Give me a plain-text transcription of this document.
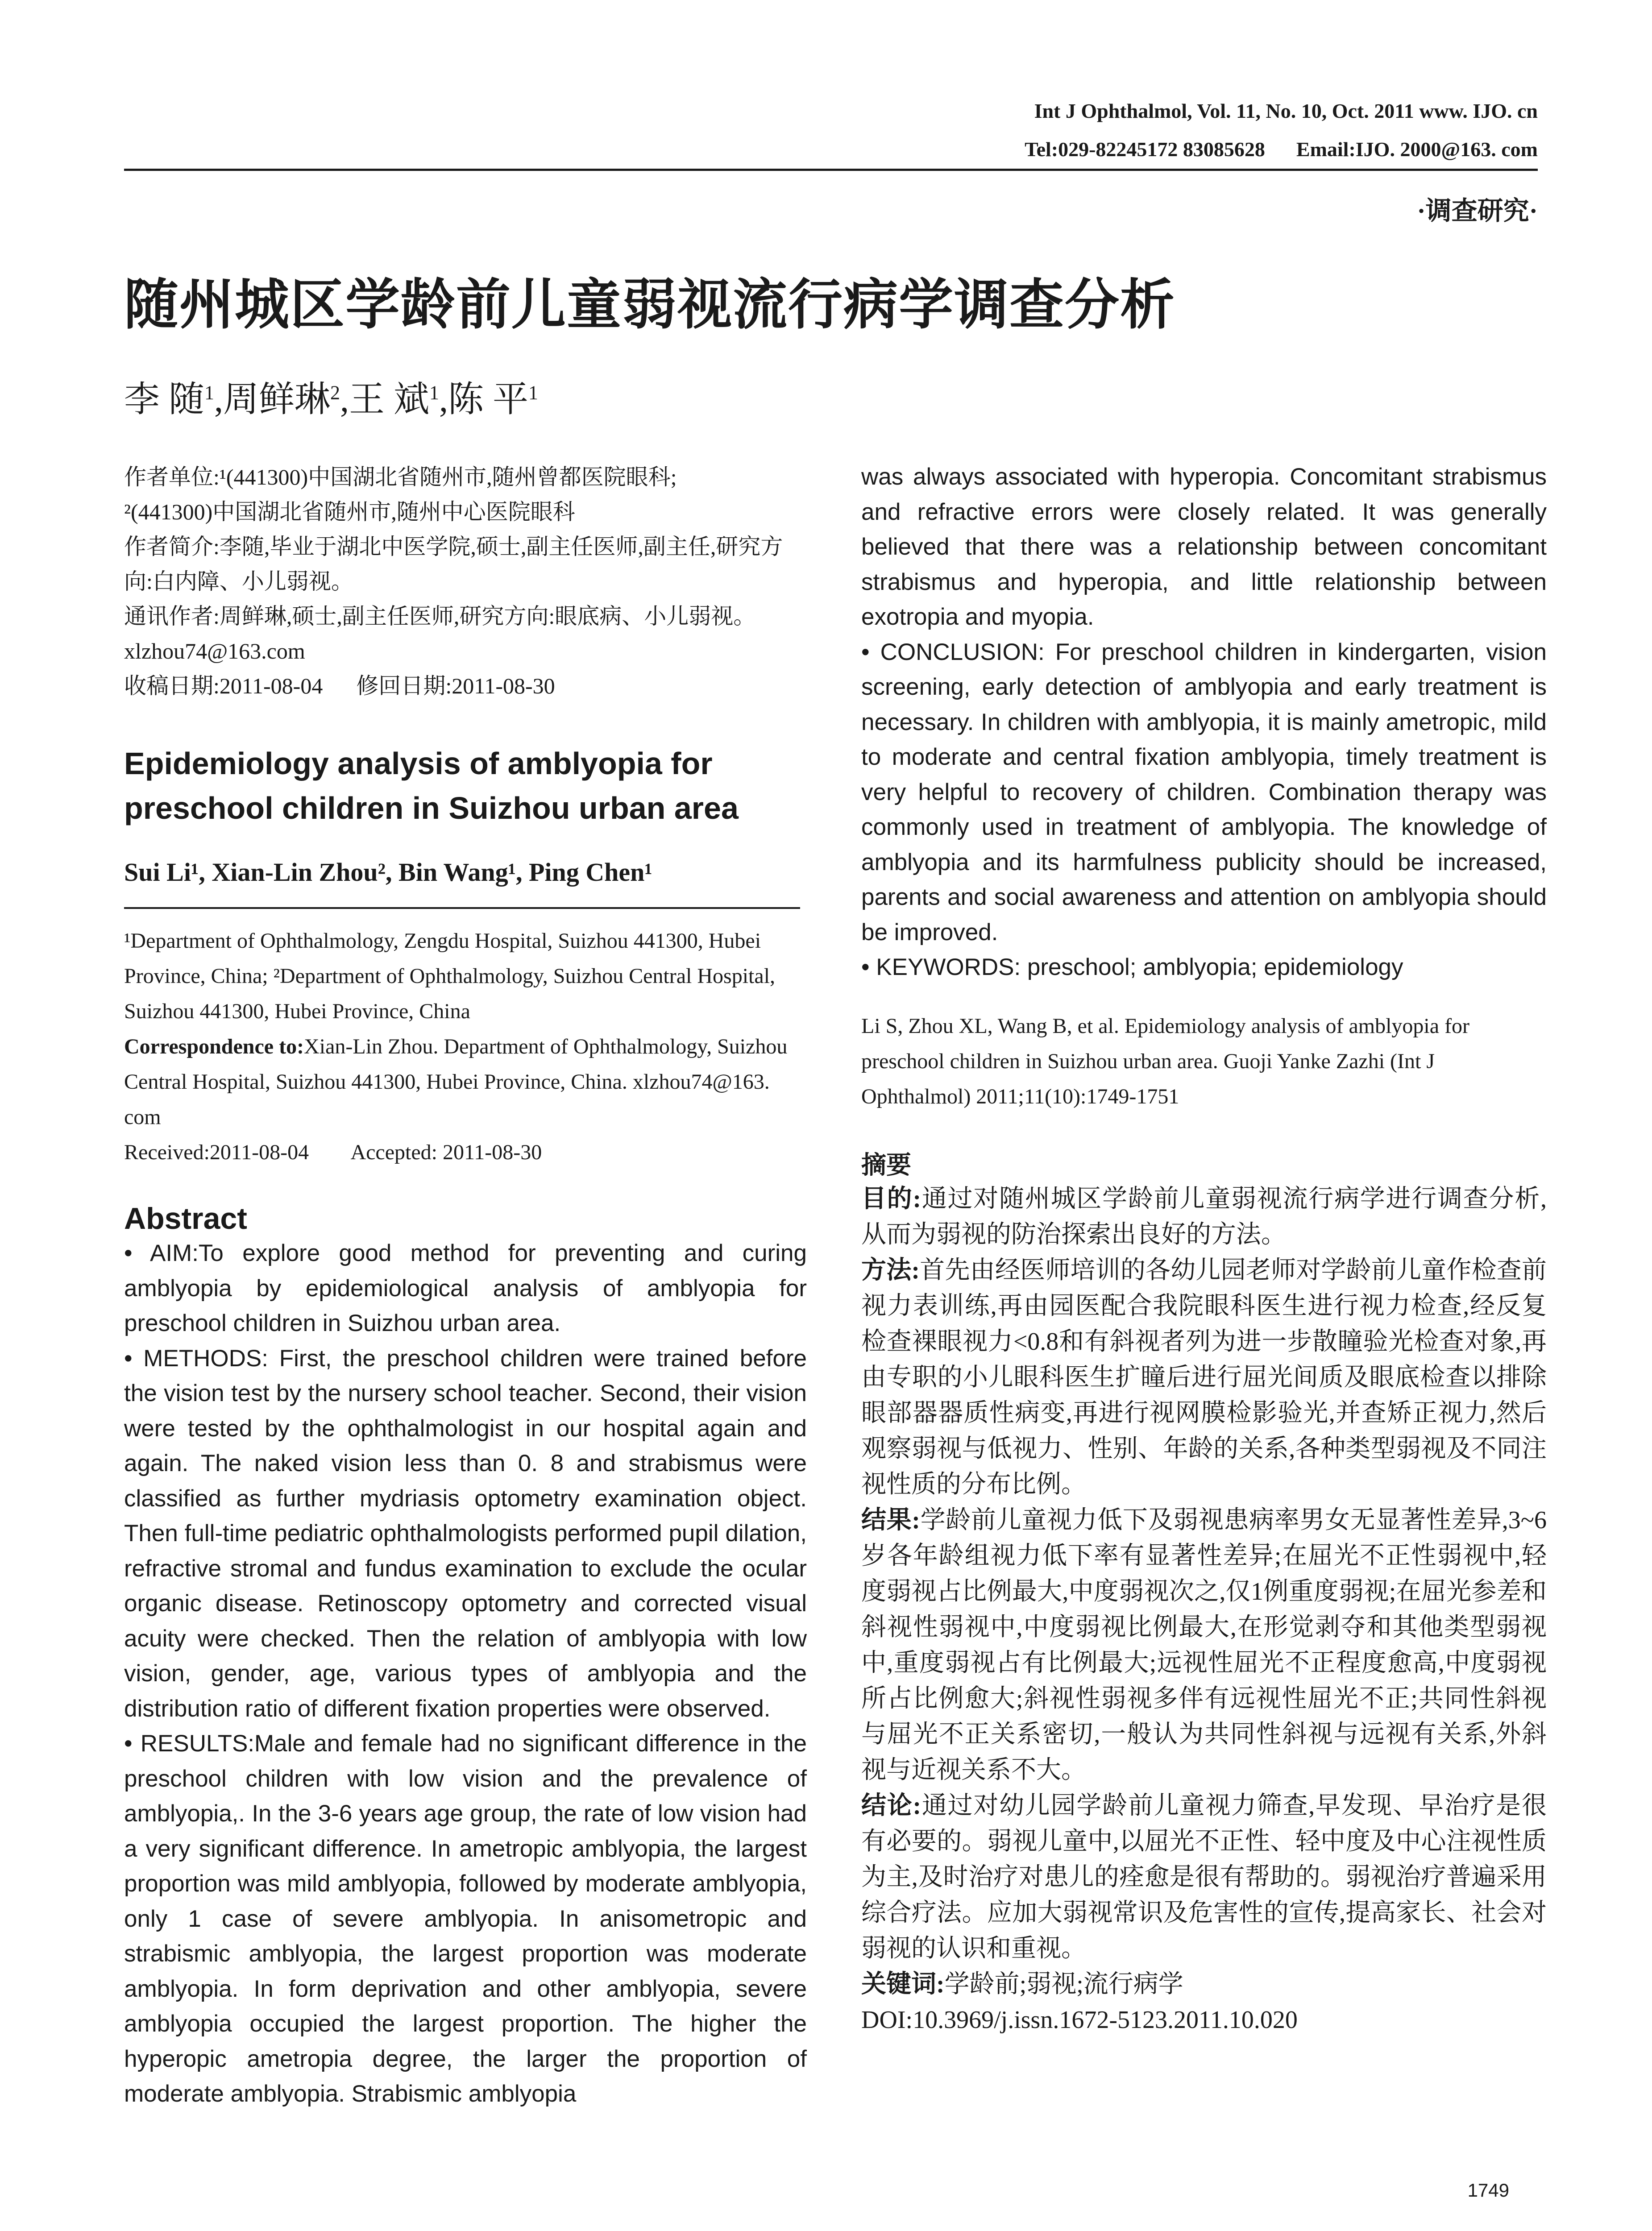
Int J Ophthalmol, Vol. 11, No. 10, Oct. 2011 www. IJO. cn
Tel:029-82245172 83085628 Email:IJO. 2000@163. com
·调查研究·
随州城区学龄前儿童弱视流行病学调查分析
李 随$^1$,周鲜琳$^2$,王 斌$^1$,陈 平$^1$

作者单位:¹(441300)中国湖北省随州市,随州曾都医院眼科;

²(441300)中国湖北省随州市,随州中心医院眼科

作者简介:李随,毕业于湖北中医学院,硕士,副主任医师,副主任,研究方向:白内障、小儿弱视。

通讯作者:周鲜琳,硕士,副主任医师,研究方向:眼底病、小儿弱视。xlzhou74@163.com

收稿日期:2011-08-04      修回日期:2011-08-30

Epidemiology analysis of amblyopia for preschool children in Suizhou urban area
Sui Li¹, Xian-Lin Zhou², Bin Wang¹, Ping Chen¹

¹Department of Ophthalmology, Zengdu Hospital, Suizhou 441300, Hubei Province, China; ²Department of Ophthalmology, Suizhou Central Hospital, Suizhou 441300, Hubei Province, China

Correspondence to:Xian-Lin Zhou. Department of Ophthalmology, Suizhou Central Hospital, Suizhou 441300, Hubei Province, China. xlzhou74@163. com

Received:2011-08-04        Accepted: 2011-08-30

Abstract

• AIM:To explore good method for preventing and curing amblyopia by epidemiological analysis of amblyopia for preschool children in Suizhou urban area.

• METHODS: First, the preschool children were trained before the vision test by the nursery school teacher. Second, their vision were tested by the ophthalmologist in our hospital again and again. The naked vision less than 0. 8 and strabismus were classified as further mydriasis optometry examination object. Then full-time pediatric ophthalmologists performed pupil dilation, refractive stromal and fundus examination to exclude the ocular organic disease. Retinoscopy optometry and corrected visual acuity were checked. Then the relation of amblyopia with low vision, gender, age, various types of amblyopia and the distribution ratio of different fixation properties were observed.

• RESULTS:Male and female had no significant difference in the preschool children with low vision and the prevalence of amblyopia,. In the 3-6 years age group, the rate of low vision had a very significant difference. In ametropic amblyopia, the largest proportion was mild amblyopia, followed by moderate amblyopia, only 1 case of severe amblyopia. In anisometropic and strabismic amblyopia, the largest proportion was moderate amblyopia. In form deprivation and other amblyopia, severe amblyopia occupied the largest proportion. The higher the hyperopic ametropia degree, the larger the proportion of moderate amblyopia. Strabismic amblyopia

was always associated with hyperopia. Concomitant strabismus and refractive errors were closely related. It was generally believed that there was a relationship between concomitant strabismus and hyperopia, and little relationship between exotropia and myopia.

• CONCLUSION: For preschool children in kindergarten, vision screening, early detection of amblyopia and early treatment is necessary. In children with amblyopia, it is mainly ametropic, mild to moderate and central fixation amblyopia, timely treatment is very helpful to recovery of children. Combination therapy was commonly used in treatment of amblyopia. The knowledge of amblyopia and its harmfulness publicity should be increased, parents and social awareness and attention on amblyopia should be improved.

• KEYWORDS: preschool; amblyopia; epidemiology

Li S, Zhou XL, Wang B, et al. Epidemiology analysis of amblyopia for preschool children in Suizhou urban area. Guoji Yanke Zazhi (Int J Ophthalmol) 2011;11(10):1749-1751
摘要

目的:通过对随州城区学龄前儿童弱视流行病学进行调查分析,从而为弱视的防治探索出良好的方法。

方法:首先由经医师培训的各幼儿园老师对学龄前儿童作检查前视力表训练,再由园医配合我院眼科医生进行视力检查,经反复检查裸眼视力<0.8和有斜视者列为进一步散瞳验光检查对象,再由专职的小儿眼科医生扩瞳后进行屈光间质及眼底检查以排除眼部器器质性病变,再进行视网膜检影验光,并查矫正视力,然后观察弱视与低视力、性别、年龄的关系,各种类型弱视及不同注视性质的分布比例。

结果:学龄前儿童视力低下及弱视患病率男女无显著性差异,3~6岁各年龄组视力低下率有显著性差异;在屈光不正性弱视中,轻度弱视占比例最大,中度弱视次之,仅1例重度弱视;在屈光参差和斜视性弱视中,中度弱视比例最大,在形觉剥夺和其他类型弱视中,重度弱视占有比例最大;远视性屈光不正程度愈高,中度弱视所占比例愈大;斜视性弱视多伴有远视性屈光不正;共同性斜视与屈光不正关系密切,一般认为共同性斜视与远视有关系,外斜视与近视关系不大。

结论:通过对幼儿园学龄前儿童视力筛查,早发现、早治疗是很有必要的。弱视儿童中,以屈光不正性、轻中度及中心注视性质为主,及时治疗对患儿的痊愈是很有帮助的。弱视治疗普遍采用综合疗法。应加大弱视常识及危害性的宣传,提高家长、社会对弱视的认识和重视。

关键词:学龄前;弱视;流行病学

DOI:10.3969/j.issn.1672-5123.2011.10.020

1749
